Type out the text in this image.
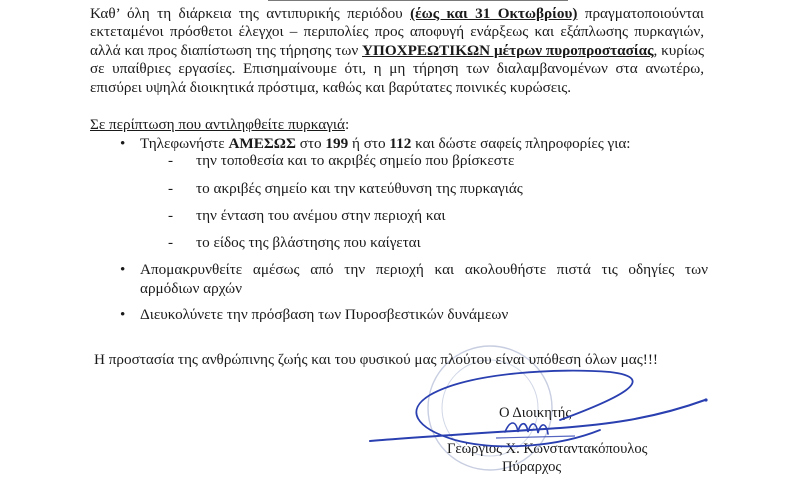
Καθ’ όλη τη διάρκεια της αντιπυρικής περιόδου (έως και 31 Οκτωβρίου) πραγματοποιούνται εκτεταμένοι πρόσθετοι έλεγχοι – περιπολίες προς αποφυγή ενάρξεως και εξάπλωσης πυρκαγιών, αλλά και προς διαπίστωση της τήρησης των ΥΠΟΧΡΕΩΤΙΚΩΝ μέτρων πυροπροστασίας, κυρίως σε υπαίθριες εργασίες. Επισημαίνουμε ότι, η μη τήρηση των διαλαμβανομένων στα ανωτέρω, επισύρει υψηλά διοικητικά πρόστιμα, καθώς και βαρύτατες ποινικές κυρώσεις.

Σε περίπτωση που αντιληφθείτε πυρκαγιά:
• Τηλεφωνήστε ΑΜΕΣΩΣ στο 199 ή στο 112 και δώστε σαφείς πληροφορίες για:
- την τοποθεσία και το ακριβές σημείο που βρίσκεστε
- το ακριβές σημείο και την κατεύθυνση της πυρκαγιάς
- την ένταση του ανέμου στην περιοχή και
- το είδος της βλάστησης που καίγεται
• Απομακρυνθείτε αμέσως από την περιοχή και ακολουθήστε πιστά τις οδηγίες των
αρμόδιων αρχών
• Διευκολύνετε την πρόσβαση των Πυροσβεστικών δυνάμεων
Η προστασία της ανθρώπινης ζωής και του φυσικού μας πλούτου είναι υπόθεση όλων μας!!!
Ο Διοικητής
Γεώργιος Χ. Κωνσταντακόπουλος
Πύραρχος
